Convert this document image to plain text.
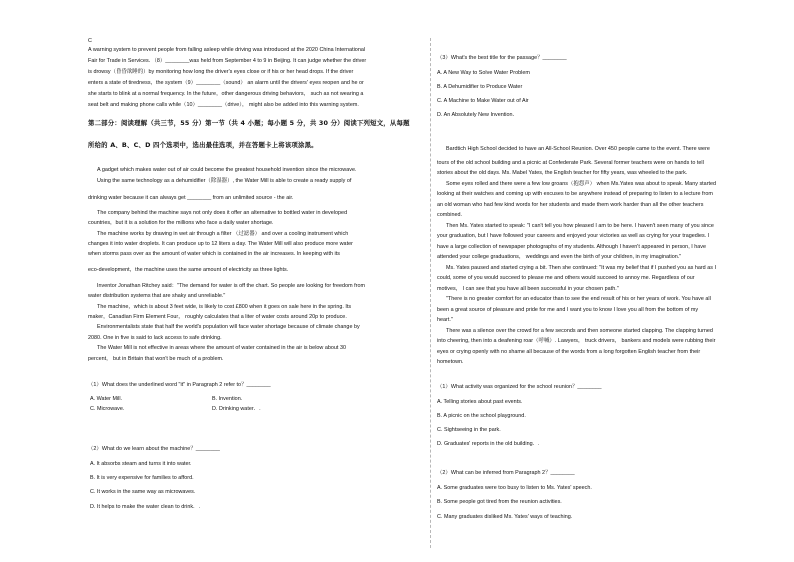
C
A warning system to prevent people from falling asleep while driving was introduced at the 2020 China International
Fair for Trade in Services．（8）________was held from September 4 to 9 in Beijing. It can judge whether the driver
is drowsy（昏昏欲睡的）by monitoring how long the driver's eyes close or if his or her head drops. If the driver
enters a state of tiredness，the system（9）________（sound） an alarm until the drivers' eyes reopen and he or
she starts to blink at a normal frequency. In the future，other dangerous driving behaviors， such as not wearing a
seat belt and making phone calls while（10）________（drive）， might also be added into this warning system.
第二部分：阅读理解（共三节，55 分）第一节（共 4 小题；每小题 5 分，共 30 分）阅读下列短文，从每题
所给的 A、B、C、D 四个选项中，选出最佳选项，并在答题卡上将该项涂黑。
A gadget which makes water out of air could become the greatest household invention since the microwave.
Using the same technology as a dehumidifier（除湿器）, the Water Mill is able to create a ready supply of
drinking water because it can always get ________ from an unlimited source - the air.
The company behind the machine says not only does it offer an alternative to bottled water in developed
countries，but it is a solution for the millions who face a daily water shortage.
The machine works by drawing in wet air through a filter （过滤器） and over a cooling instrument which
changes it into water droplets. It can produce up to 12 liters a day. The Water Mill will also produce more water
when storms pass over as the amount of water which is contained in the air increases. In keeping with its
eco-development，the machine uses the same amount of electricity as three lights.
Inventor Jonathan Ritchey said："The demand for water is off the chart. So people are looking for freedom from
water distribution systems that are shaky and unreliable."
The machine，which is about 3 feet wide, is likely to cost £800 when it goes on sale here in the spring. Its
maker，Canadian Firm Element Four， roughly calculates that a liter of water costs around 20p to produce.
Environmentalists state that half the world's population will face water shortage because of climate change by
2080. One in five is said to lack access to safe drinking.
The Water Mill is not effective in areas where the amount of water contained in the air is below about 30
percent， but in Britain that won't be much of a problem.
（1）What does the underlined word "it" in Paragraph 2 refer to？________
A. Water Mill.	B. Invention.
C. Microwave.	D. Drinking water．.
（2）What do we learn about the machine？________
A. It absorbs steam and turns it into water.
B. It is very expensive for families to afford.
C. It works in the same way as microwaves.
D. It helps to make the water clean to drink．.
（3）What's the best title for the passage？________
A. A New Way to Solve Water Problem
B. A Dehumidifier to Produce Water
C. A Machine to Make Water out of Air
D. An Absolutely New Invention．
Bardtich High School decided to have an All-School Reunion. Over 450 people came to the event. There were
tours of the old school building and a picnic at Confederate Park. Several former teachers were on hands to tell
stories about the old days. Ms. Mabel Yates, the English teacher for fifty years, was wheeled to the park.
Some eyes rolled and there were a few low groans（抱怨声） when Ms.Yates was about to speak. Many started
looking at their watches and coming up with excuses to be anywhere instead of preparing to listen to a lecture from
an old woman who had few kind words for her students and made them work harder than all the other teachers
combined.
Then Ms. Yates started to speak: "I can't tell you how pleased I am to be here. I haven't seen many of you since
your graduation, but I have followed your careers and enjoyed your victories as well as crying for your tragedies. I
have a large collection of newspaper photographs of my students. Although I haven't appeared in person, I have
attended your college graduations， weddings and even the birth of your children, in my imagination."
Ms. Yates paused and started crying a bit. Then she continued: "It was my belief that if I pushed you as hard as I
could, some of you would succeed to please me and others would succeed to annoy me. Regardless of our
motives， I can see that you have all been successful in your chosen path."
"There is no greater comfort for an educator than to see the end result of his or her years of work. You have all
been a great source of pleasure and pride for me and I want you to know I love you all from the bottom of my
heart."
There was a silence over the crowd for a few seconds and then someone started clapping. The clapping turned
into cheering, then into a deafening roar（呼喊）. Lawyers， truck drivers， bankers and models were rubbing their
eyes or crying openly with no shame all because of the words from a long forgotten English teacher from their
hometown.
（1）What activity was organized for the school reunion？________
A. Telling stories about past events.
B. A picnic on the school playground.
C. Sightseeing in the park.
D. Graduates' reports in the old building．.
（2）What can be inferred from Paragraph 2？________
A. Some graduates were too busy to listen to Ms. Yates' speech.
B. Some people got tired from the reunion activities.
C. Many graduates disliked Ms. Yates' ways of teaching.
